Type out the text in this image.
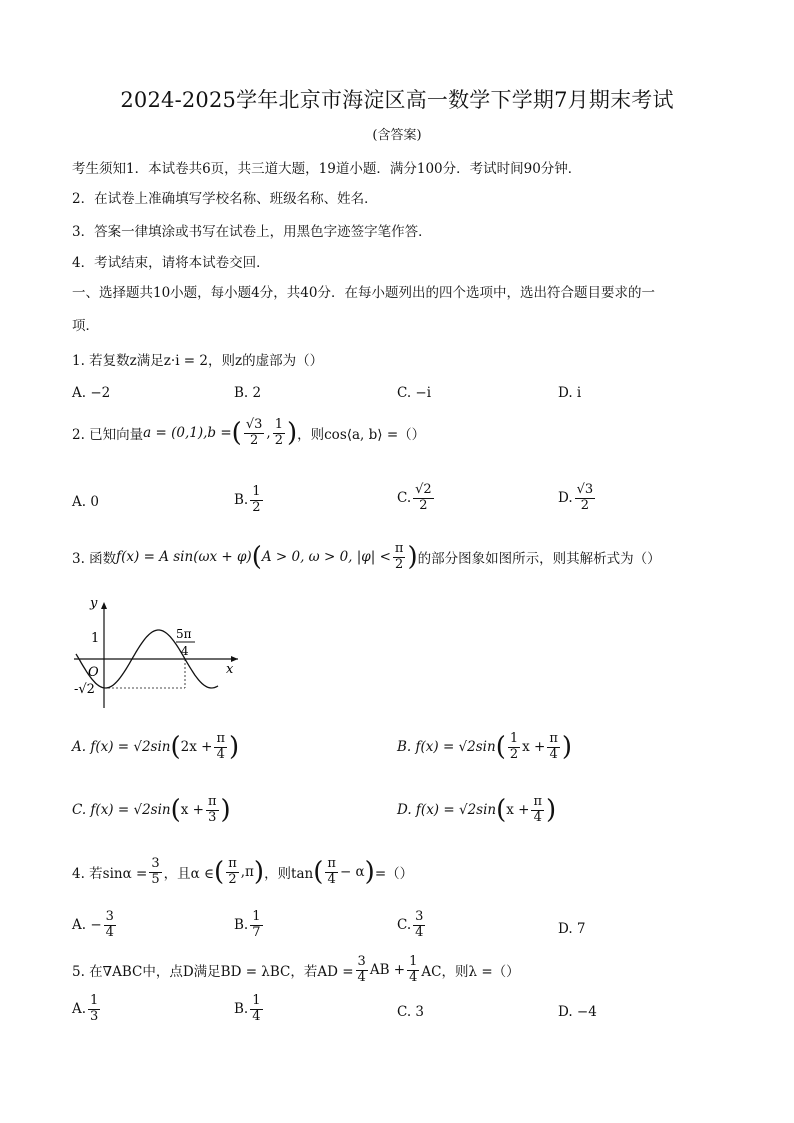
2024-2025学年北京市海淀区高一数学下学期7月期末考试
(含答案)
考生须知1．本试卷共6页，共三道大题，19道小题．满分100分．考试时间90分钟．
2．在试卷上准确填写学校名称、班级名称、姓名．
3．答案一律填涂或书写在试卷上，用黑色字迹签字笔作答．
4．考试结束，请将本试卷交回．
一、选择题共10小题，每小题4分，共40分．在每小题列出的四个选项中，选出符合题目要求的一
项．
1. 若复数z满足z·i = 2，则z的虚部为（）
A. −2	B. 2	C. −i	D. i
2. 已知向量 a = (0,1), b = ( $\frac{√3}{2}$ , $\frac{1}{2}$ ) ，则cos⟨a, b⟩ =（）
A. 0	B. $\frac{1}{2}$	C. $\frac{√2}{2}$	D. $\frac{√3}{2}$
3. 函数 f(x) = A sin(ωx + φ) ( A > 0, ω > 0, $|\varphi| < \frac{\pi}{2}$ ) 的部分图象如图所示，则其解析式为（）
y
x
O
1
-√2
5π
4
A. f(x) = √2sin ( $2x + \frac{\pi}{4}$ )	B. f(x) = √2sin ( $\frac{1}{2}$ $x + \frac{\pi}{4}$ )
C. f(x) = √2sin ( $x + \frac{\pi}{3}$ )	D. f(x) = √2sin ( $x + \frac{\pi}{4}$ )
4. 若$\sin\alpha = \frac{3}{5}$ ，且α ∈ ( $\frac{\pi}{2} ,\pi$ ) ，则tan ( $\frac{\pi}{4} - \alpha$ ) =（）
A. − $\frac{3}{4}$	B. $\frac{1}{7}$	C. $\frac{3}{4}$	D. 7
5. 在∇ABC中，点D满足BD = λBC，若AD = $\frac{3}{4}$ AB + $\frac{1}{4}$ AC，则λ =（）
A. $\frac{1}{3}$	B. $\frac{1}{4}$	C. 3	D. −4
